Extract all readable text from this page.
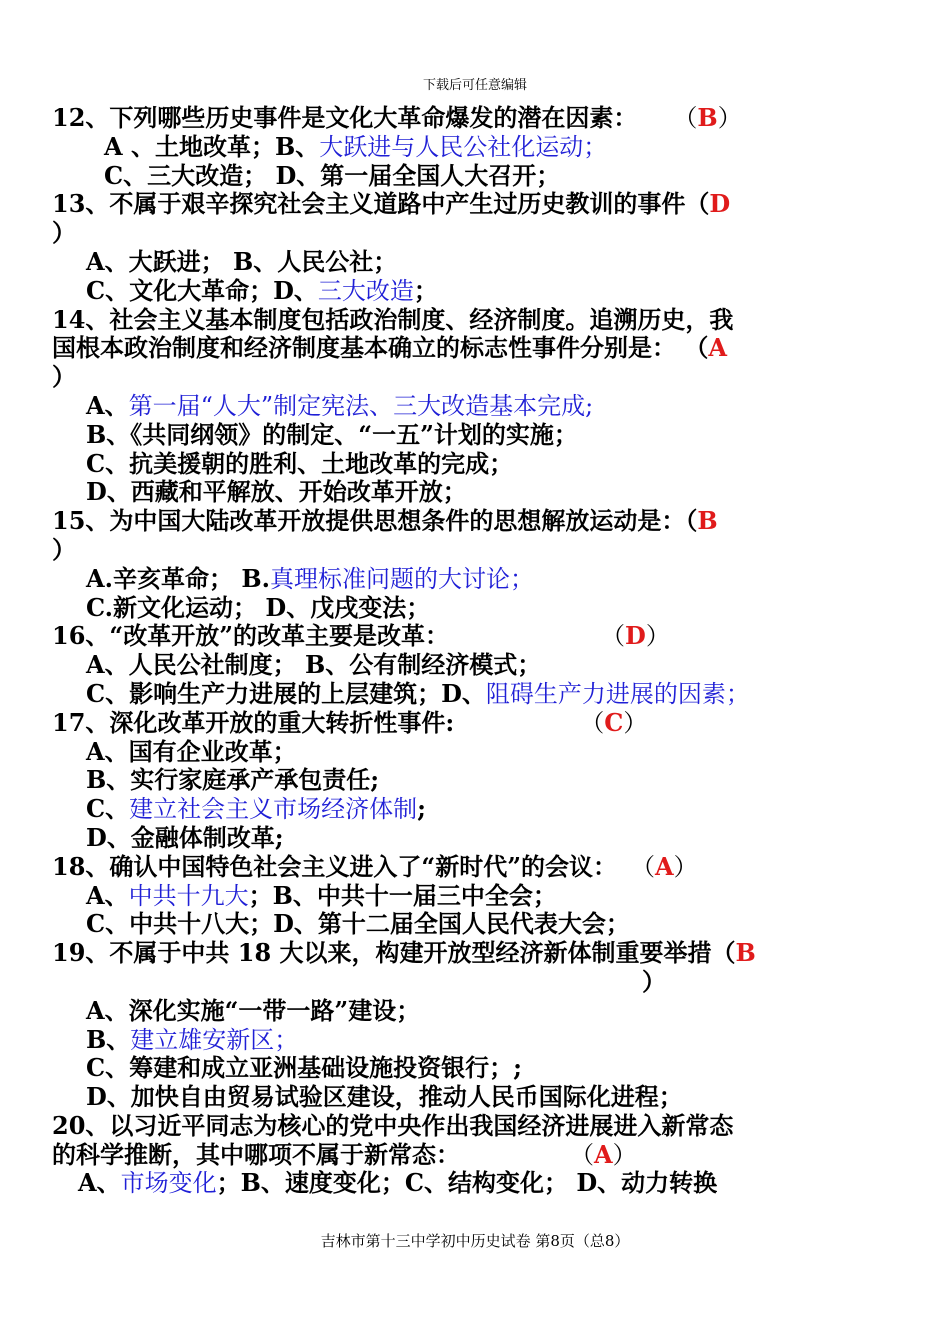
下载后可任意编辑
12、下列哪些历史事件是文化大革命爆发的潜在因素： （B）
A 、土地改革；B、大跃进与人民公社化运动；
C、三大改造； D、第一届全国人大召开；
13、不属于艰辛探究社会主义道路中产生过历史教训的事件（D
）
A、大跃进； B、人民公社；
C、文化大革命；D、三大改造；
14、社会主义基本制度包括政治制度、经济制度。追溯历史，我
国根本政治制度和经济制度基本确立的标志性事件分别是： （A
）
A、第一届“人大”制定宪法、三大改造基本完成;
B、《共同纲领》的制定、“一五”计划的实施；
C、抗美援朝的胜利、土地改革的完成；
D、西藏和平解放、开始改革开放；
15、为中国大陆改革开放提供思想条件的思想解放运动是：（B
）
A.辛亥革命； B.真理标准问题的大讨论；
C.新文化运动； D、戊戌变法；
16、“改革开放”的改革主要是改革：	（D）
A、人民公社制度； B、公有制经济模式；
C、影响生产力进展的上层建筑；D、阻碍生产力进展的因素；
17、深化改革开放的重大转折性事件:	（C）
A、国有企业改革；
B、实行家庭承产承包责任;
C、建立社会主义市场经济体制;
D、金融体制改革;
18、确认中国特色社会主义进入了“新时代”的会议： （A）
A、中共十九大；B、中共十一届三中全会；
C、中共十八大；D、第十二届全国人民代表大会；
19、不属于中共 18 大以来，构建开放型经济新体制重要举措（B
）
A、深化实施“一带一路”建设；
B、建立雄安新区；
C、筹建和成立亚洲基础设施投资银行；;
D、加快自由贸易试验区建设，推动人民币国际化进程；
20、以习近平同志为核心的党中央作出我国经济进展进入新常态
的科学推断，其中哪项不属于新常态：	（A）
A、市场变化；B、速度变化；C、结构变化； D、动力转换
吉林市第十三中学初中历史试卷 第8页（总8）
